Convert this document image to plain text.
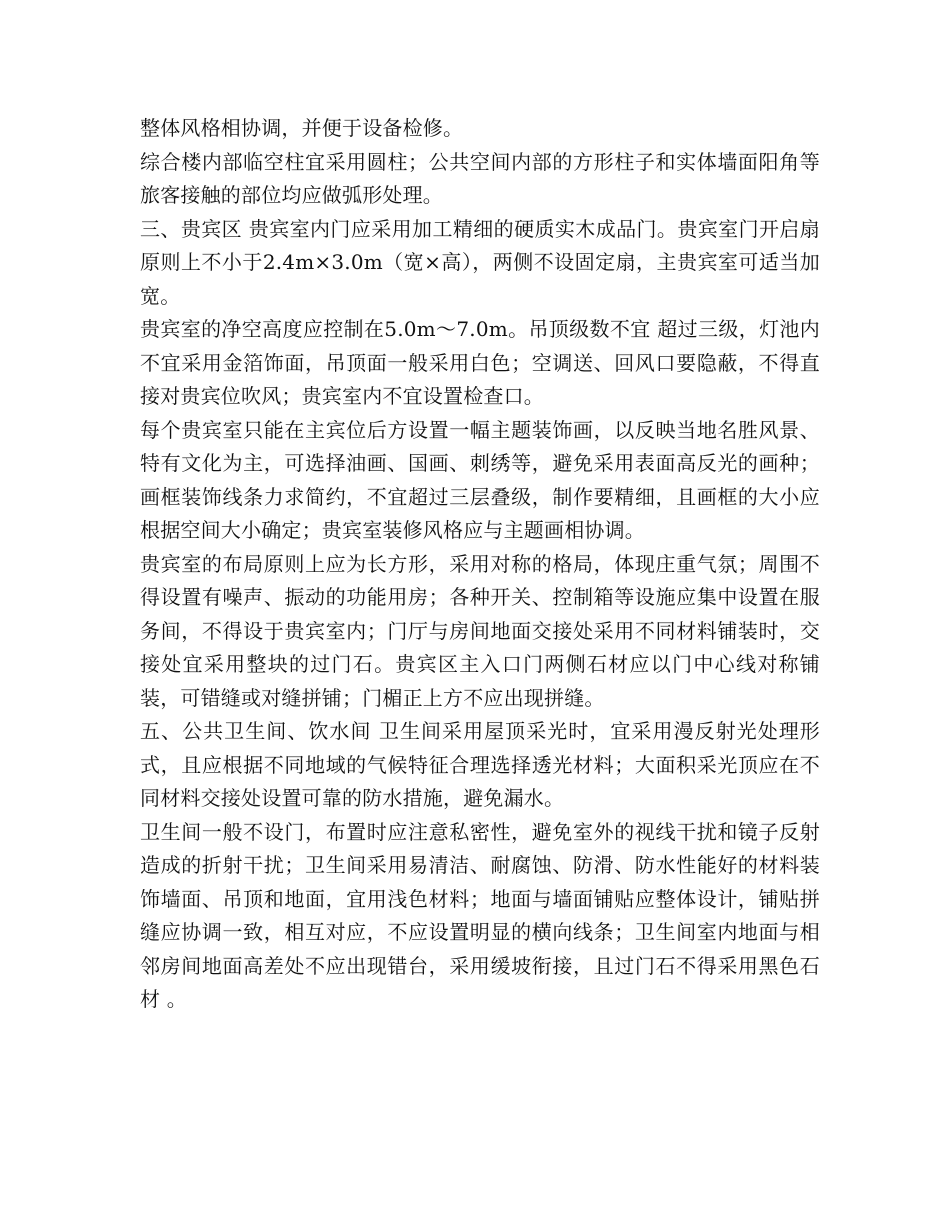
整体风格相协调，并便于设备检修。

综合楼内部临空柱宜采用圆柱；公共空间内部的方形柱子和实体墙面阳角等旅客接触的部位均应做弧形处理。

三、贵宾区 贵宾室内门应采用加工精细的硬质实木成品门。贵宾室门开启扇原则上不小于2.4m×3.0m（宽×高），两侧不设固定扇，主贵宾室可适当加宽。

贵宾室的净空高度应控制在5.0m～7.0m。吊顶级数不宜 超过三级，灯池内不宜采用金箔饰面，吊顶面一般采用白色；空调送、回风口要隐蔽，不得直接对贵宾位吹风；贵宾室内不宜设置检查口。

每个贵宾室只能在主宾位后方设置一幅主题装饰画，以反映当地名胜风景、特有文化为主，可选择油画、国画、刺绣等，避免采用表面高反光的画种；画框装饰线条力求简约，不宜超过三层叠级，制作要精细，且画框的大小应根据空间大小确定；贵宾室装修风格应与主题画相协调。

贵宾室的布局原则上应为长方形，采用对称的格局，体现庄重气氛；周围不得设置有噪声、振动的功能用房；各种开关、控制箱等设施应集中设置在服务间，不得设于贵宾室内；门厅与房间地面交接处采用不同材料铺装时，交接处宜采用整块的过门石。贵宾区主入口门两侧石材应以门中心线对称铺装，可错缝或对缝拼铺；门楣正上方不应出现拼缝。

五、公共卫生间、饮水间 卫生间采用屋顶采光时，宜采用漫反射光处理形式，且应根据不同地域的气候特征合理选择透光材料；大面积采光顶应在不同材料交接处设置可靠的防水措施，避免漏水。

卫生间一般不设门，布置时应注意私密性，避免室外的视线干扰和镜子反射造成的折射干扰；卫生间采用易清洁、耐腐蚀、防滑、防水性能好的材料装饰墙面、吊顶和地面，宜用浅色材料；地面与墙面铺贴应整体设计，铺贴拼缝应协调一致，相互对应，不应设置明显的横向线条；卫生间室内地面与相邻房间地面高差处不应出现错台，采用缓坡衔接，且过门石不得采用黑色石材 。
